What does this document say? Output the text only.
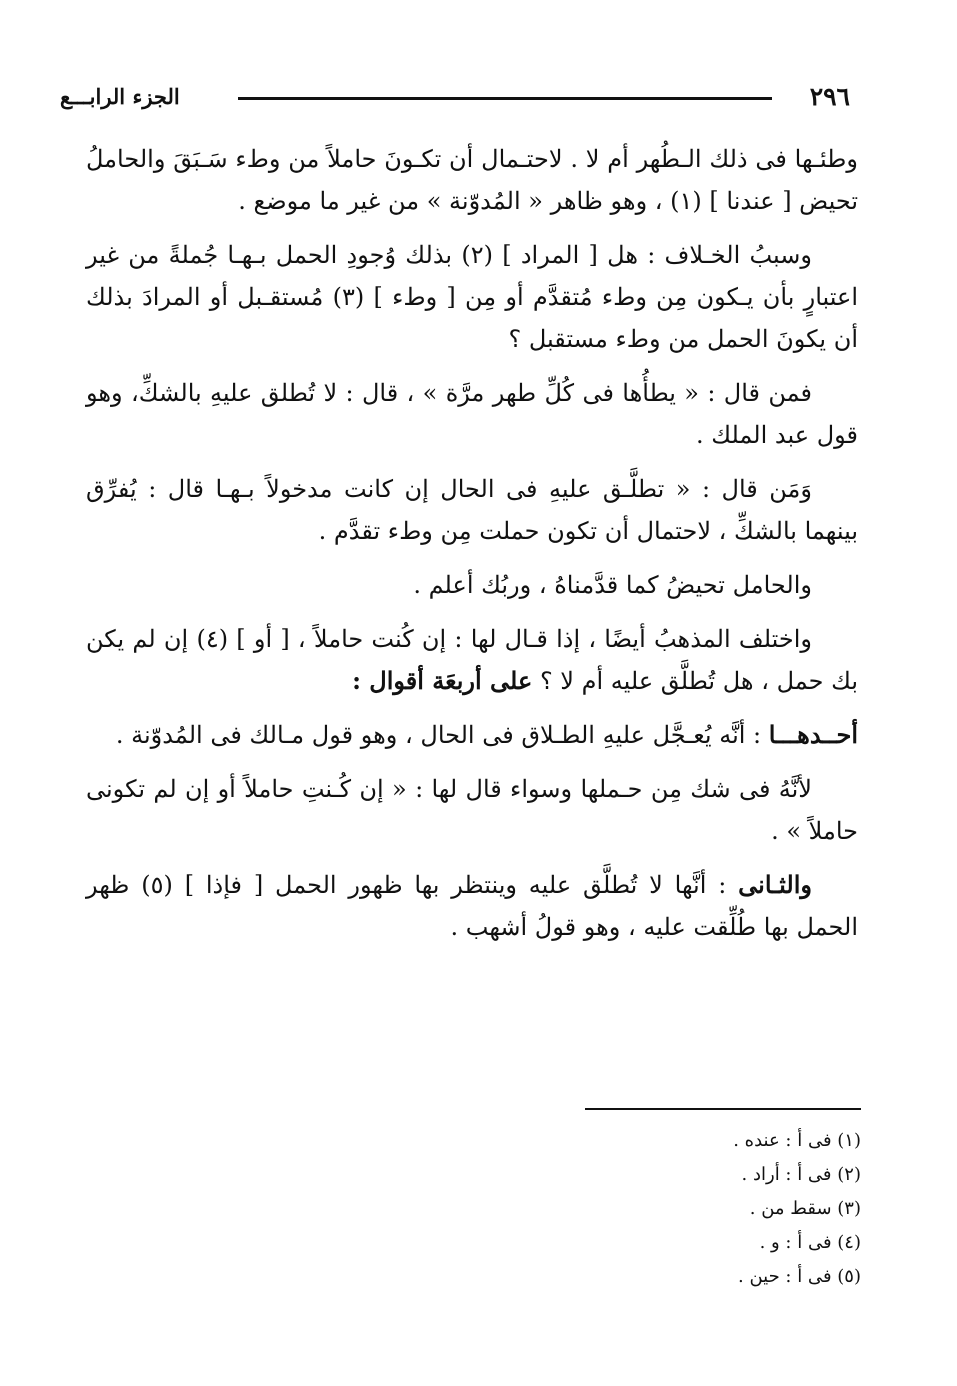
٢٩٦
الجزء الرابـــع

وطئـها فى ذلك الـطُهر أم لا . لاحتـمال أن تكـونَ حاملاً من وطء سَـبَقَ والحاملُ تحيض [ عندنا ] (١) ، وهو ظاهر « المُدوّنة » من غير ما موضع .

وسببُ الخـلاف : هل [ المراد ] (٢) بذلك وُجودِ الحمل بـهـا جُملةً من غير اعتبارٍ بأن يـكون مِن وطء مُتقدَّم أو مِن [ وطء ] (٣) مُستقـبل أو المرادَ بذلك أن يكونَ الحمل من وطء مستقبل ؟

فمن قال : « يطأُها فى كُلِّ طهر مرَّة » ، قال : لا تُطلق عليهِ بالشكِّ، وهو قول عبد الملك .

وَمَن قال : « تطلَّـق عليهِ فى الحال إن كانت مدخولاً بـهـا قال : يُفرِّق بينهما بالشكِّ ، لاحتمال أن تكون حملت مِن وطء تقدَّم .

والحامل تحيضُ كما قدَّمناهُ ، وربُك أعلم .

واختلف المذهبُ أيضًا ، إذا قـال لها : إن كُنت حاملاً ، [ أو ] (٤) إن لم يكن بك حمل ، هل تُطلَّق عليه أم لا ؟ على أربعَة أقوال :

أحــدهـــا : أنَّه يُعـجَّل عليهِ الطـلاق فى الحال ، وهو قول مـالك فى المُدوّنة .

لأنَّهُ فى شك مِن حـملها وسواء قال لها : « إن كُـنتِ حاملاً أو إن لم تكونى حاملاً » .

والثـانى : أنَّها لا تُطلَّق عليه وينتظر بها ظهور الحمل [ فإذا ] (٥) ظهر الحمل بها طُلِّقت عليه ، وهو قولُ أشهب .

(١) فى أ : عنده .
(٢) فى أ : أراد .
(٣) سقط من .
(٤) فى أ : و .
(٥) فى أ : حين .
